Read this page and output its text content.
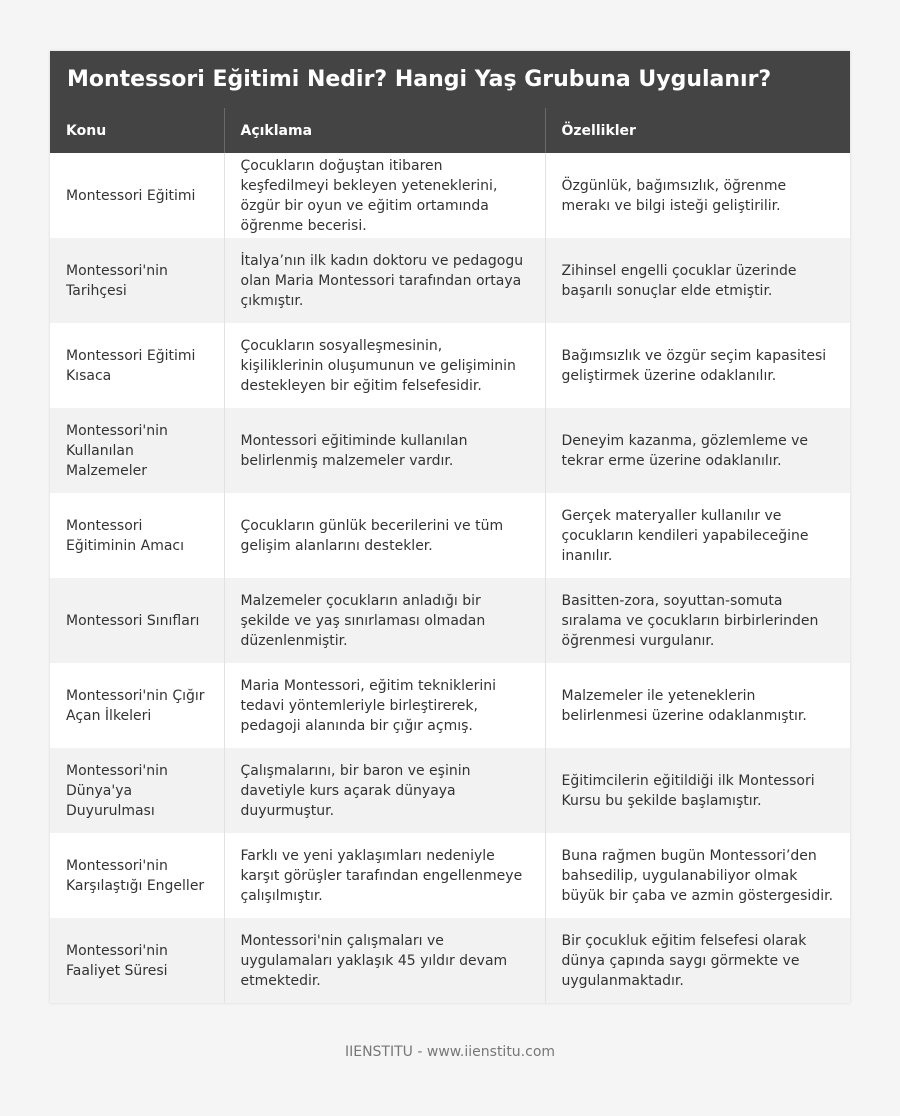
Montessori Eğitimi Nedir? Hangi Yaş Grubuna Uygulanır?
Konu	Açıklama	Özellikler
Montessori Eğitimi	Çocukların doğuştan itibaren keşfedilmeyi bekleyen yeteneklerini, özgür bir oyun ve eğitim ortamında öğrenme becerisi.	Özgünlük, bağımsızlık, öğrenme merakı ve bilgi isteği geliştirilir.
Montessori'nin Tarihçesi	İtalya’nın ilk kadın doktoru ve pedagogu olan Maria Montessori tarafından ortaya çıkmıştır.	Zihinsel engelli çocuklar üzerinde başarılı sonuçlar elde etmiştir.
Montessori Eğitimi Kısaca	Çocukların sosyalleşmesinin, kişiliklerinin oluşumunun ve gelişiminin destekleyen bir eğitim felsefesidir.	Bağımsızlık ve özgür seçim kapasitesi geliştirmek üzerine odaklanılır.
Montessori'nin Kullanılan Malzemeler	Montessori eğitiminde kullanılan belirlenmiş malzemeler vardır.	Deneyim kazanma, gözlemleme ve tekrar erme üzerine odaklanılır.
Montessori Eğitiminin Amacı	Çocukların günlük becerilerini ve tüm gelişim alanlarını destekler.	Gerçek materyaller kullanılır ve çocukların kendileri yapabileceğine inanılır.
Montessori Sınıfları	Malzemeler çocukların anladığı bir şekilde ve yaş sınırlaması olmadan düzenlenmiştir.	Basitten-zora, soyuttan-somuta sıralama ve çocukların birbirlerinden öğrenmesi vurgulanır.
Montessori'nin Çığır Açan İlkeleri	Maria Montessori, eğitim tekniklerini tedavi yöntemleriyle birleştirerek, pedagoji alanında bir çığır açmış.	Malzemeler ile yeteneklerin belirlenmesi üzerine odaklanmıştır.
Montessori'nin Dünya'ya Duyurulması	Çalışmalarını, bir baron ve eşinin davetiyle kurs açarak dünyaya duyurmuştur.	Eğitimcilerin eğitildiği ilk Montessori Kursu bu şekilde başlamıştır.
Montessori'nin Karşılaştığı Engeller	Farklı ve yeni yaklaşımları nedeniyle karşıt görüşler tarafından engellenmeye çalışılmıştır.	Buna rağmen bugün Montessori’den bahsedilip, uygulanabiliyor olmak büyük bir çaba ve azmin göstergesidir.
Montessori'nin Faaliyet Süresi	Montessori'nin çalışmaları ve uygulamaları yaklaşık 45 yıldır devam etmektedir.	Bir çocukluk eğitim felsefesi olarak dünya çapında saygı görmekte ve uygulanmaktadır.
IIENSTITU - www.iienstitu.com
